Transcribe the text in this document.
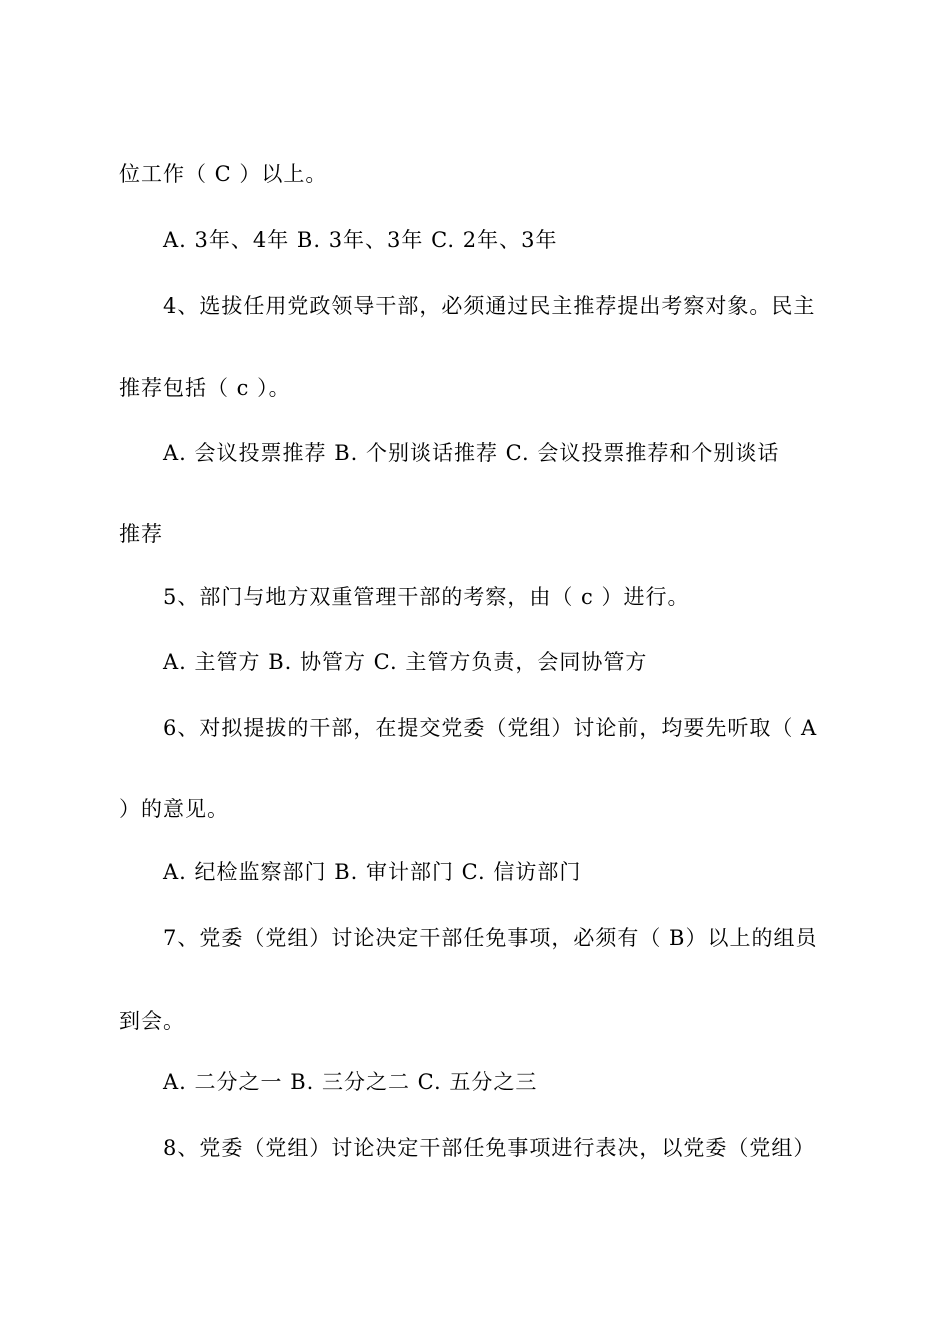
位工作（ C ）以上。
A. 3年、4年 B. 3年、3年 C. 2年、3年
4、选拔任用党政领导干部，必须通过民主推荐提出考察对象。民主
推荐包括（ c ）。
A. 会议投票推荐 B. 个别谈话推荐 C. 会议投票推荐和个别谈话
推荐
5、部门与地方双重管理干部的考察，由（ c ）进行。
A. 主管方 B. 协管方 C. 主管方负责，会同协管方
6、对拟提拔的干部，在提交党委（党组）讨论前，均要先听取（ A
）的意见。
A. 纪检监察部门 B. 审计部门 C. 信访部门
7、党委（党组）讨论决定干部任免事项，必须有（ B）以上的组员
到会。
A. 二分之一 B. 三分之二 C. 五分之三
8、党委（党组）讨论决定干部任免事项进行表决，以党委（党组）
